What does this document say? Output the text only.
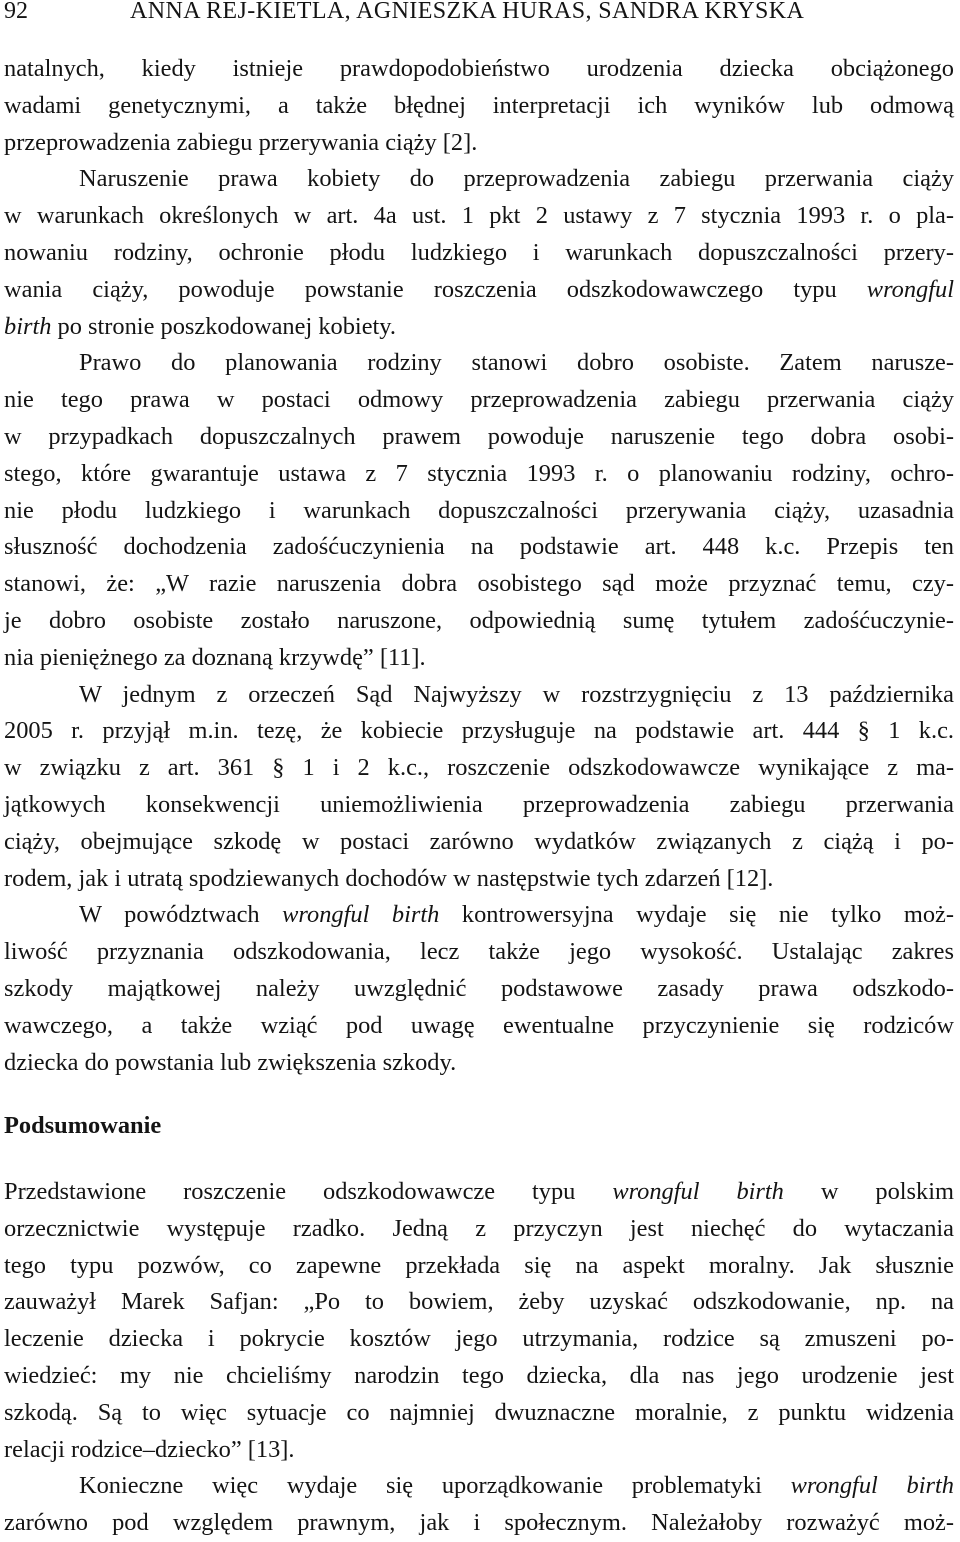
92	ANNA REJ-KIETLA, AGNIESZKA HURAS, SANDRA KRYSKA
natalnych, kiedy istnieje prawdopodobieństwo urodzenia dziecka obciążonego
wadami genetycznymi, a także błędnej interpretacji ich wyników lub odmową
przeprowadzenia zabiegu przerywania ciąży [2].
Naruszenie prawa kobiety do przeprowadzenia zabiegu przerwania ciąży
w warunkach określonych w art. 4a ust. 1 pkt 2 ustawy z 7 stycznia 1993 r. o pla-
nowaniu rodziny, ochronie płodu ludzkiego i warunkach dopuszczalności przery-
wania ciąży, powoduje powstanie roszczenia odszkodowawczego typu wrongful
birth po stronie poszkodowanej kobiety.
Prawo do planowania rodziny stanowi dobro osobiste. Zatem narusze-
nie tego prawa w postaci odmowy przeprowadzenia zabiegu przerwania ciąży
w przypadkach dopuszczalnych prawem powoduje naruszenie tego dobra osobi-
stego, które gwarantuje ustawa z 7 stycznia 1993 r. o planowaniu rodziny, ochro-
nie płodu ludzkiego i warunkach dopuszczalności przerywania ciąży, uzasadnia
słuszność dochodzenia zadośćuczynienia na podstawie art. 448 k.c. Przepis ten
stanowi, że: „W razie naruszenia dobra osobistego sąd może przyznać temu, czy-
je dobro osobiste zostało naruszone, odpowiednią sumę tytułem zadośćuczynie-
nia pieniężnego za doznaną krzywdę” [11].
W jednym z orzeczeń Sąd Najwyższy w rozstrzygnięciu z 13 października
2005 r. przyjął m.in. tezę, że kobiecie przysługuje na podstawie art. 444 § 1 k.c.
w związku z art. 361 § 1 i 2 k.c., roszczenie odszkodowawcze wynikające z ma-
jątkowych konsekwencji uniemożliwienia przeprowadzenia zabiegu przerwania
ciąży, obejmujące szkodę w postaci zarówno wydatków związanych z ciążą i po-
rodem, jak i utratą spodziewanych dochodów w następstwie tych zdarzeń [12].
W powództwach wrongful birth kontrowersyjna wydaje się nie tylko moż-
liwość przyznania odszkodowania, lecz także jego wysokość. Ustalając zakres
szkody majątkowej należy uwzględnić podstawowe zasady prawa odszkodo-
wawczego, a także wziąć pod uwagę ewentualne przyczynienie się rodziców
dziecka do powstania lub zwiększenia szkody.
Podsumowanie
Przedstawione roszczenie odszkodowawcze typu wrongful birth w polskim
orzecznictwie występuje rzadko. Jedną z przyczyn jest niechęć do wytaczania
tego typu pozwów, co zapewne przekłada się na aspekt moralny. Jak słusznie
zauważył Marek Safjan: „Po to bowiem, żeby uzyskać odszkodowanie, np. na
leczenie dziecka i pokrycie kosztów jego utrzymania, rodzice są zmuszeni po-
wiedzieć: my nie chcieliśmy narodzin tego dziecka, dla nas jego urodzenie jest
szkodą. Są to więc sytuacje co najmniej dwuznaczne moralnie, z punktu widzenia
relacji rodzice–dziecko” [13].
Konieczne więc wydaje się uporządkowanie problematyki wrongful birth
zarówno pod względem prawnym, jak i społecznym. Należałoby rozważyć moż-
